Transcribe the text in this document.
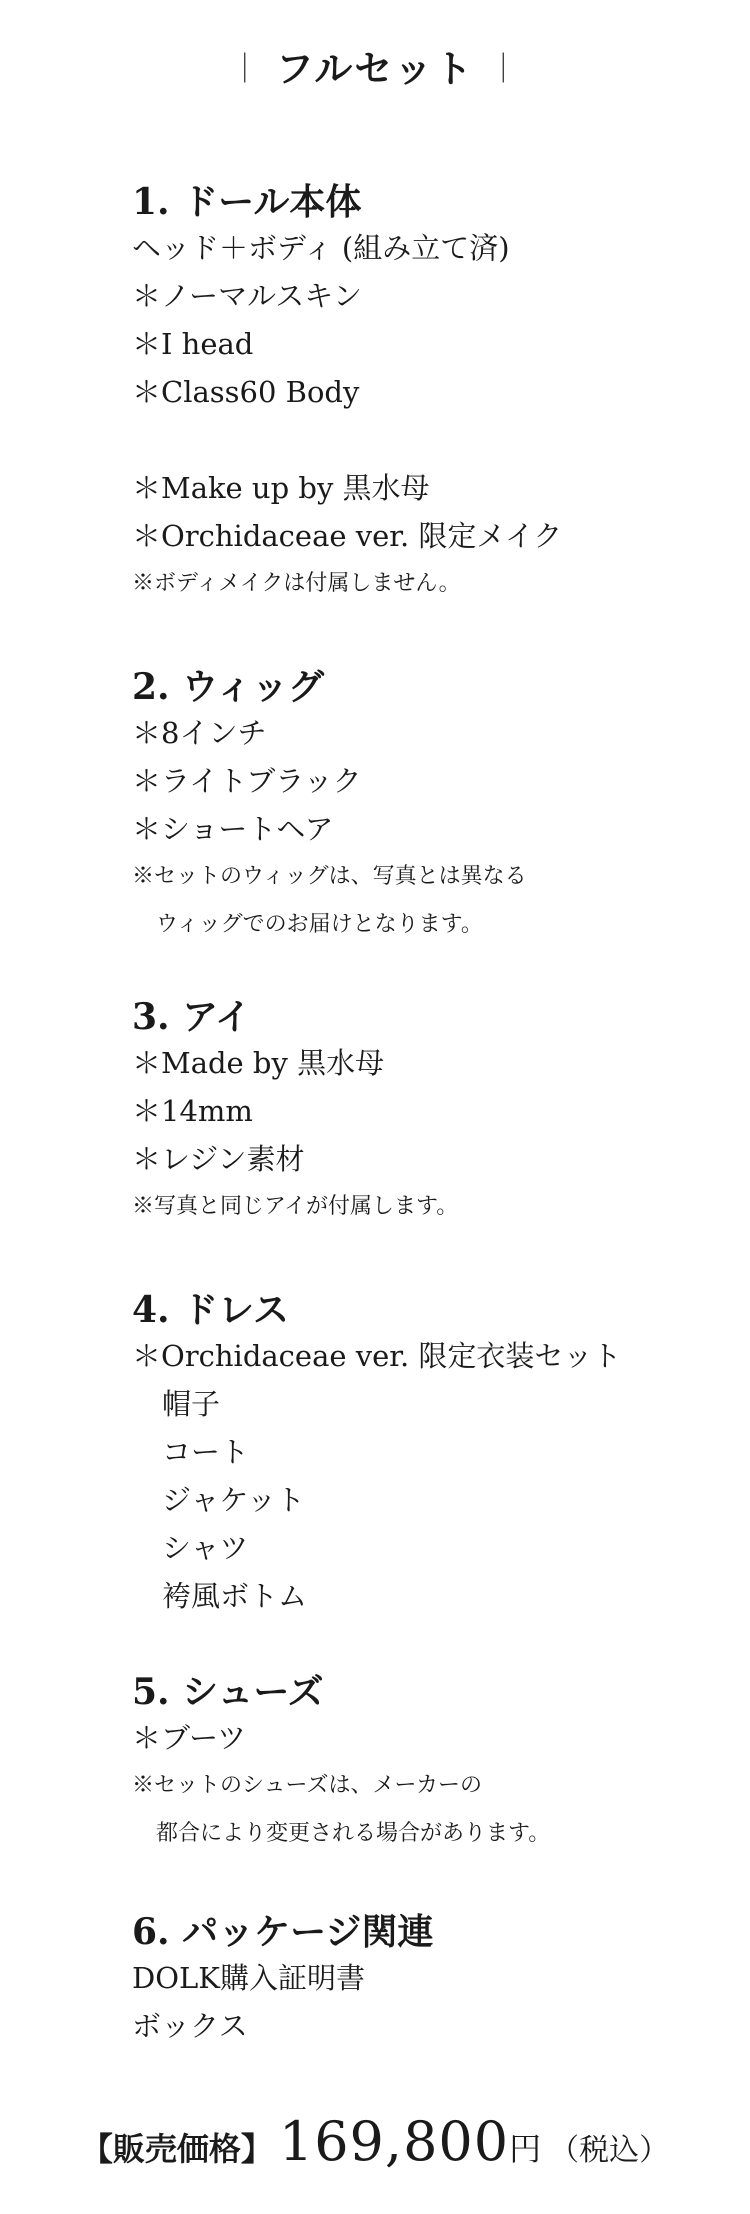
｜ フルセット ｜
1. ドール本体
ヘッド＋ボディ (組み立て済)
＊ノーマルスキン
＊I head
＊Class60 Body
＊Make up by 黒水母
＊Orchidaceae ver. 限定メイク
※ボディメイクは付属しません。
2. ウィッグ
＊8インチ
＊ライトブラック
＊ショートヘア
※セットのウィッグは、写真とは異なる
ウィッグでのお届けとなります。
3. アイ
＊Made by 黒水母
＊14mm
＊レジン素材
※写真と同じアイが付属します。
4. ドレス
＊Orchidaceae ver. 限定衣装セット
帽子
コート
ジャケット
シャツ
袴風ボトム
5. シューズ
＊ブーツ
※セットのシューズは、メーカーの
都合により変更される場合があります。
6. パッケージ関連
DOLK購入証明書
ボックス
【販売価格】 169,800円 （税込）
